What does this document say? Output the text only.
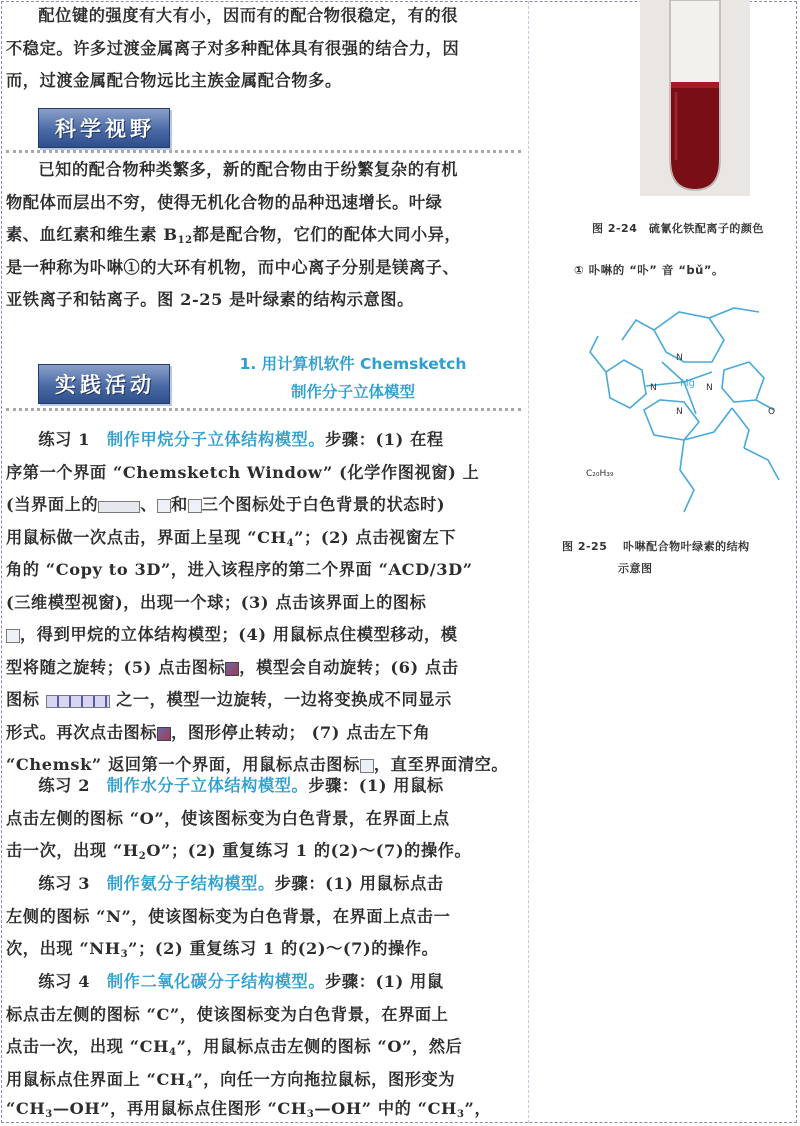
配位键的强度有大有小，因而有的配合物很稳定，有的很

不稳定。许多过渡金属离子对多种配体具有很强的结合力，因

而，过渡金属配合物远比主族金属配合物多。

科学视野

已知的配合物种类繁多，新的配合物由于纷繁复杂的有机

物配体而层出不穷，使得无机化合物的品种迅速增长。叶绿

素、血红素和维生素 $B_{12}$都是配合物，它们的配体大同小异，

是一种称为卟啉①的大环有机物，而中心离子分别是镁离子、

亚铁离子和钴离子。图 2-25 是叶绿素的结构示意图。

实践活动

练习 1　 制作甲烷分子立体结构模型。步骤：(1) 在程

序第一个界面 “Chemsketch Window” (化学作图视窗) 上

(当界面上的	、 和 三个图标处于白色背景的状态时)

用鼠标做一次点击，界面上呈现 “$CH_4$”；(2) 点击视窗左下

角的 “Copy to 3D”，进入该程序的第二个界面 “ACD/3D”

(三维模型视窗)，出现一个球；(3) 点击该界面上的图标

，得到甲烷的立体结构模型；(4) 用鼠标点住模型移动，模

型将随之旋转；(5) 点击图标 ，模型会自动旋转；(6) 点击

图标	之一，模型一边旋转，一边将变换成不同显示

形式。再次点击图标 ，图形停止转动； (7) 点击左下角

“Chemsk” 返回第一个界面，用鼠标点击图标 ，直至界面清空。

练习 2　 制作水分子立体结构模型。步骤：(1) 用鼠标

点击左侧的图标 “O”，使该图标变为白色背景，在界面上点

击一次，出现 “$H_2O$”；(2) 重复练习 1 的(2)～(7)的操作。

练习 3　 制作氨分子结构模型。步骤：(1) 用鼠标点击

左侧的图标 “N”，使该图标变为白色背景，在界面上点击一

次，出现 “$NH_3$”；(2) 重复练习 1 的(2)～(7)的操作。

练习 4　 制作二氧化碳分子结构模型。步骤：(1) 用鼠

标点击左侧的图标 “C”，使该图标变为白色背景，在界面上

点击一次，出现 “$CH_4$”，用鼠标点击左侧的图标 “O”，然后

用鼠标点住界面上 “$CH_4$”，向任一方向拖拉鼠标，图形变为

“$CH_3—OH$”，再用鼠标点住图形 “$CH_3—OH$” 中的 “$CH_3$”，

1. 用计算机软件 Chemsketch
制作分子立体模型
图 2-24　硫氰化铁配离子的颜色
① 卟啉的 “卟” 音 “bǔ”。
Mg
N
N	N
N	O
C₂₀H₃₉
图 2-25　 卟啉配合物叶绿素的结构
示意图
